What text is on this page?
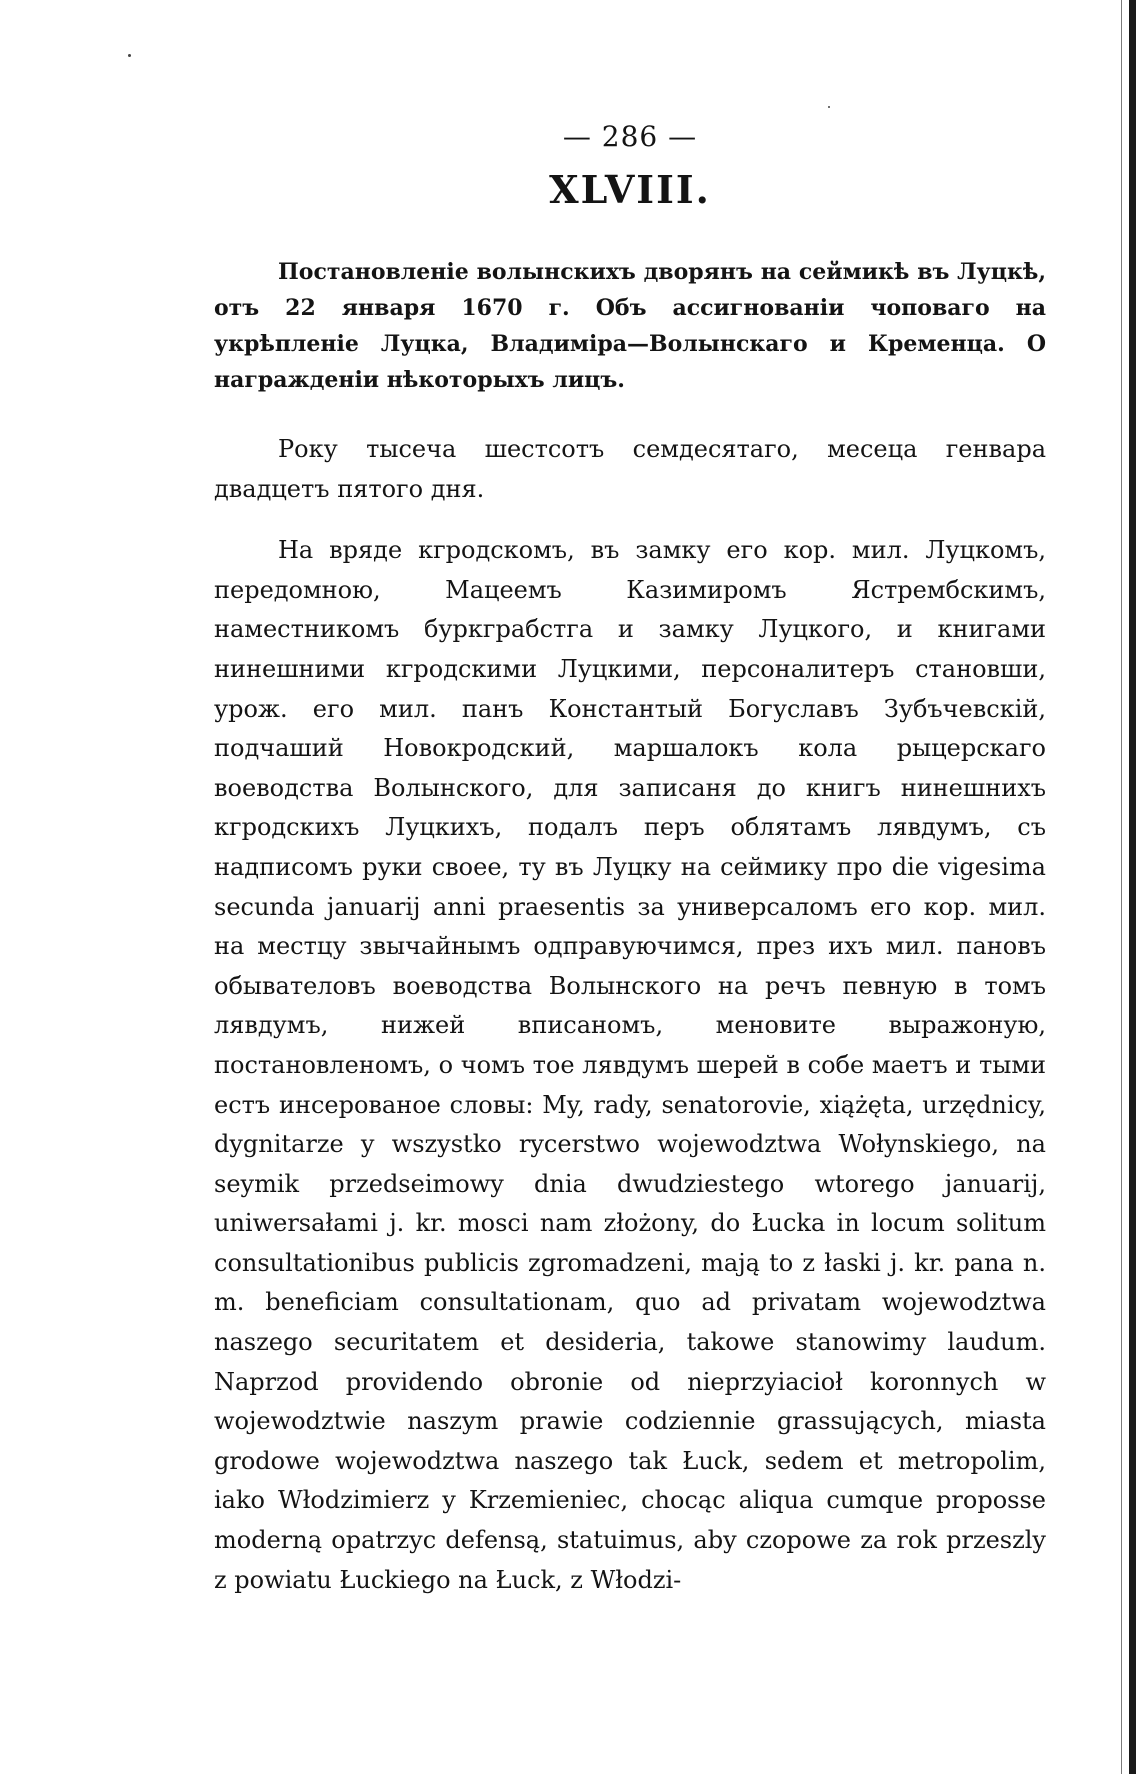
— 286 —
XLVIII.

Постановленіе волынскихъ дворянъ на сеймикѣ въ Луцкѣ, отъ 22 января 1670 г. Объ ассигнованіи чоповаго на укрѣпленіе Луцка, Владиміра—Волынскаго и Кременца. О награжденіи нѣкоторыхъ лицъ.

Року тысеча шестсотъ семдесятаго, месеца генвара двадцетъ пятого дня.

На вряде кгродскомъ, въ замку его кор. мил. Луцкомъ, передомною, Мацеемъ Казимиромъ Ястрембскимъ, наместникомъ буркграбстга и замку Луцкого, и книгами нинешними кгродскими Луцкими, персоналитеръ становши, урож. его мил. панъ Константый Богуславъ Зубъчевскій, подчаший Новокродский, маршалокъ кола рыцерскаго воеводства Волынского, для записаня до книгъ нинешнихъ кгродскихъ Луцкихъ, подалъ перъ облятамъ лявдумъ, съ надписомъ руки своее, ту въ Луцку на сеймику про die vigesima secunda januarij anni praesentis за универсаломъ его кор. мил. на местцу звычайнымъ одправуючимся, през ихъ мил. пановъ обывателовъ воеводства Волынского на речъ певную в томъ лявдумъ, нижей вписаномъ, меновите выражоную, постановленомъ, о чомъ тое лявдумъ шерей в собе маетъ и тыми естъ инсерованое словы: My, rady, senatorovie, xiążęta, urzędnicy, dygnitarze y wszystko rycerstwo wojewodztwa Wołynskiego, na seymik przedseimowy dnia dwudziestego wtorego januarij, uniwersałami j. kr. mosci nam złożony, do Łucka in locum solitum consultationibus publicis zgromadzeni, mają to z łaski j. kr. pana n. m. beneficiam consultationam, quo ad privatam wojewodztwa naszego securitatem et desideria, takowe stanowimy laudum. Naprzod providendo obronie od nieprzyiacioł koronnych w wojewodztwie naszym prawie codziennie grassujących, miasta grodowe wojewodztwa naszego tak Łuck, sedem et metropolim, iako Włodzimierz y Krzemieniec, chocąc aliqua cumque proposse moderną opatrzyc defensą, statuimus, aby czopowe za rok przeszly z powiatu Łuckiego na Łuck, z Włodzi-
